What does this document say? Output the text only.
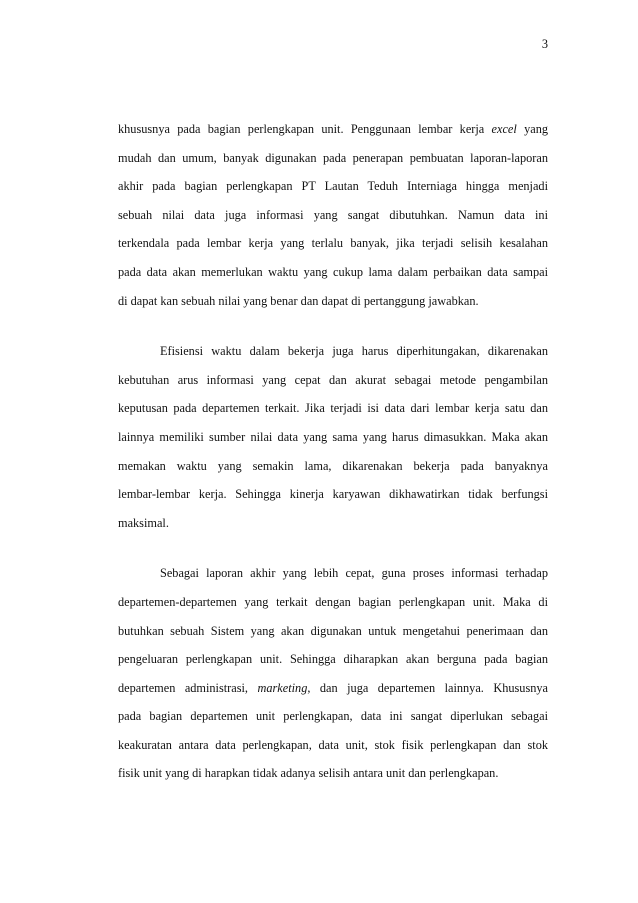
3
khususnya pada bagian perlengkapan unit. Penggunaan lembar kerja excel yang
mudah dan umum, banyak digunakan pada penerapan pembuatan laporan-laporan
akhir pada bagian perlengkapan PT Lautan Teduh Interniaga hingga menjadi
sebuah nilai data juga informasi yang sangat dibutuhkan. Namun data ini
terkendala pada lembar kerja yang terlalu banyak, jika terjadi selisih kesalahan
pada data akan memerlukan waktu yang cukup lama dalam perbaikan data sampai
di dapat kan sebuah nilai yang benar dan dapat di pertanggung jawabkan.
Efisiensi waktu dalam bekerja juga harus diperhitungakan, dikarenakan
kebutuhan arus informasi yang cepat dan akurat sebagai metode pengambilan
keputusan pada departemen terkait. Jika terjadi isi data dari lembar kerja satu dan
lainnya memiliki sumber nilai data yang sama yang harus dimasukkan. Maka akan
memakan waktu yang semakin lama, dikarenakan bekerja pada banyaknya
lembar-lembar kerja. Sehingga kinerja karyawan dikhawatirkan tidak berfungsi
maksimal.
Sebagai laporan akhir yang lebih cepat, guna proses informasi terhadap
departemen-departemen yang terkait dengan bagian perlengkapan unit. Maka di
butuhkan sebuah Sistem yang akan digunakan untuk mengetahui penerimaan dan
pengeluaran perlengkapan unit. Sehingga diharapkan akan berguna pada bagian
departemen administrasi, marketing, dan juga departemen lainnya. Khususnya
pada bagian departemen unit perlengkapan, data ini sangat diperlukan sebagai
keakuratan antara data perlengkapan, data unit, stok fisik perlengkapan dan stok
fisik unit yang di harapkan tidak adanya selisih antara unit dan perlengkapan.
